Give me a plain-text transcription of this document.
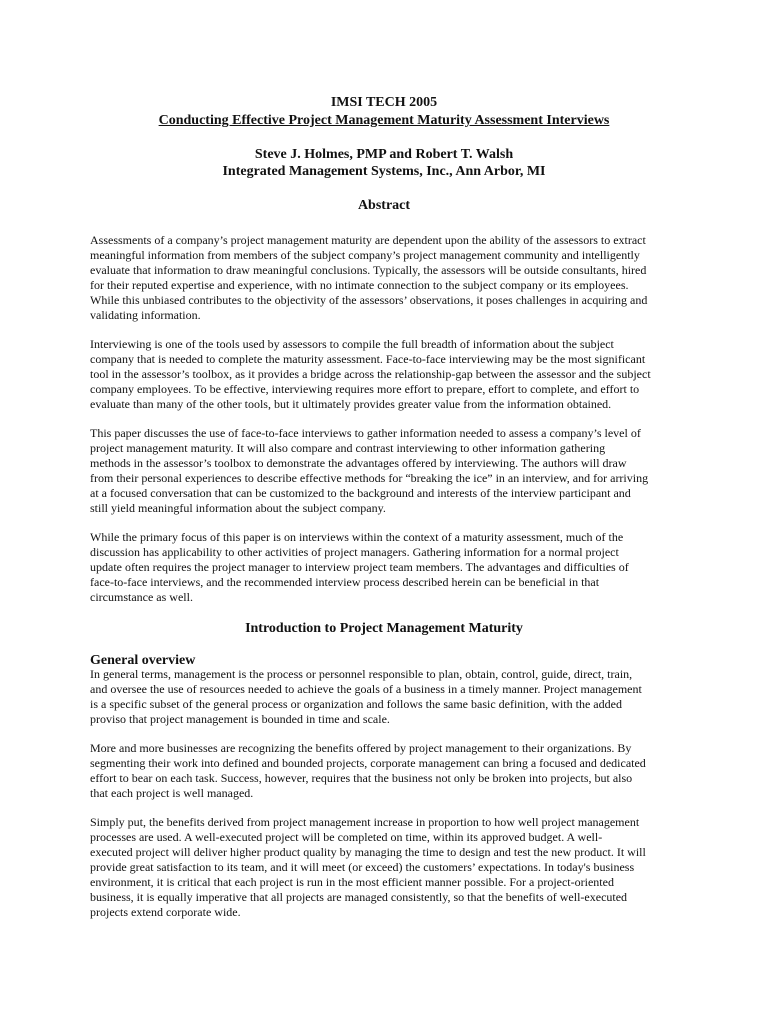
IMSI TECH 2005
Conducting Effective Project Management Maturity Assessment Interviews
Steve J. Holmes, PMP and Robert T. Walsh
Integrated Management Systems, Inc., Ann Arbor, MI
Abstract

Assessments of a company’s project management maturity are dependent upon the ability of the assessors to extract
meaningful information from members of the subject company’s project management community and intelligently
evaluate that information to draw meaningful conclusions. Typically, the assessors will be outside consultants, hired
for their reputed expertise and experience, with no intimate connection to the subject company or its employees.
While this unbiased contributes to the objectivity of the assessors’ observations, it poses challenges in acquiring and
validating information.

Interviewing is one of the tools used by assessors to compile the full breadth of information about the subject
company that is needed to complete the maturity assessment. Face-to-face interviewing may be the most significant
tool in the assessor’s toolbox, as it provides a bridge across the relationship-gap between the assessor and the subject
company employees. To be effective, interviewing requires more effort to prepare, effort to complete, and effort to
evaluate than many of the other tools, but it ultimately provides greater value from the information obtained.

This paper discusses the use of face-to-face interviews to gather information needed to assess a company’s level of
project management maturity. It will also compare and contrast interviewing to other information gathering
methods in the assessor’s toolbox to demonstrate the advantages offered by interviewing. The authors will draw
from their personal experiences to describe effective methods for “breaking the ice” in an interview, and for arriving
at a focused conversation that can be customized to the background and interests of the interview participant and
still yield meaningful information about the subject company.

While the primary focus of this paper is on interviews within the context of a maturity assessment, much of the
discussion has applicability to other activities of project managers. Gathering information for a normal project
update often requires the project manager to interview project team members. The advantages and difficulties of
face-to-face interviews, and the recommended interview process described herein can be beneficial in that
circumstance as well.

Introduction to Project Management Maturity
General overview

In general terms, management is the process or personnel responsible to plan, obtain, control, guide, direct, train,
and oversee the use of resources needed to achieve the goals of a business in a timely manner. Project management
is a specific subset of the general process or organization and follows the same basic definition, with the added
proviso that project management is bounded in time and scale.

More and more businesses are recognizing the benefits offered by project management to their organizations. By
segmenting their work into defined and bounded projects, corporate management can bring a focused and dedicated
effort to bear on each task. Success, however, requires that the business not only be broken into projects, but also
that each project is well managed.

Simply put, the benefits derived from project management increase in proportion to how well project management
processes are used. A well-executed project will be completed on time, within its approved budget. A well-
executed project will deliver higher product quality by managing the time to design and test the new product. It will
provide great satisfaction to its team, and it will meet (or exceed) the customers’ expectations. In today's business
environment, it is critical that each project is run in the most efficient manner possible. For a project-oriented
business, it is equally imperative that all projects are managed consistently, so that the benefits of well-executed
projects extend corporate wide.
